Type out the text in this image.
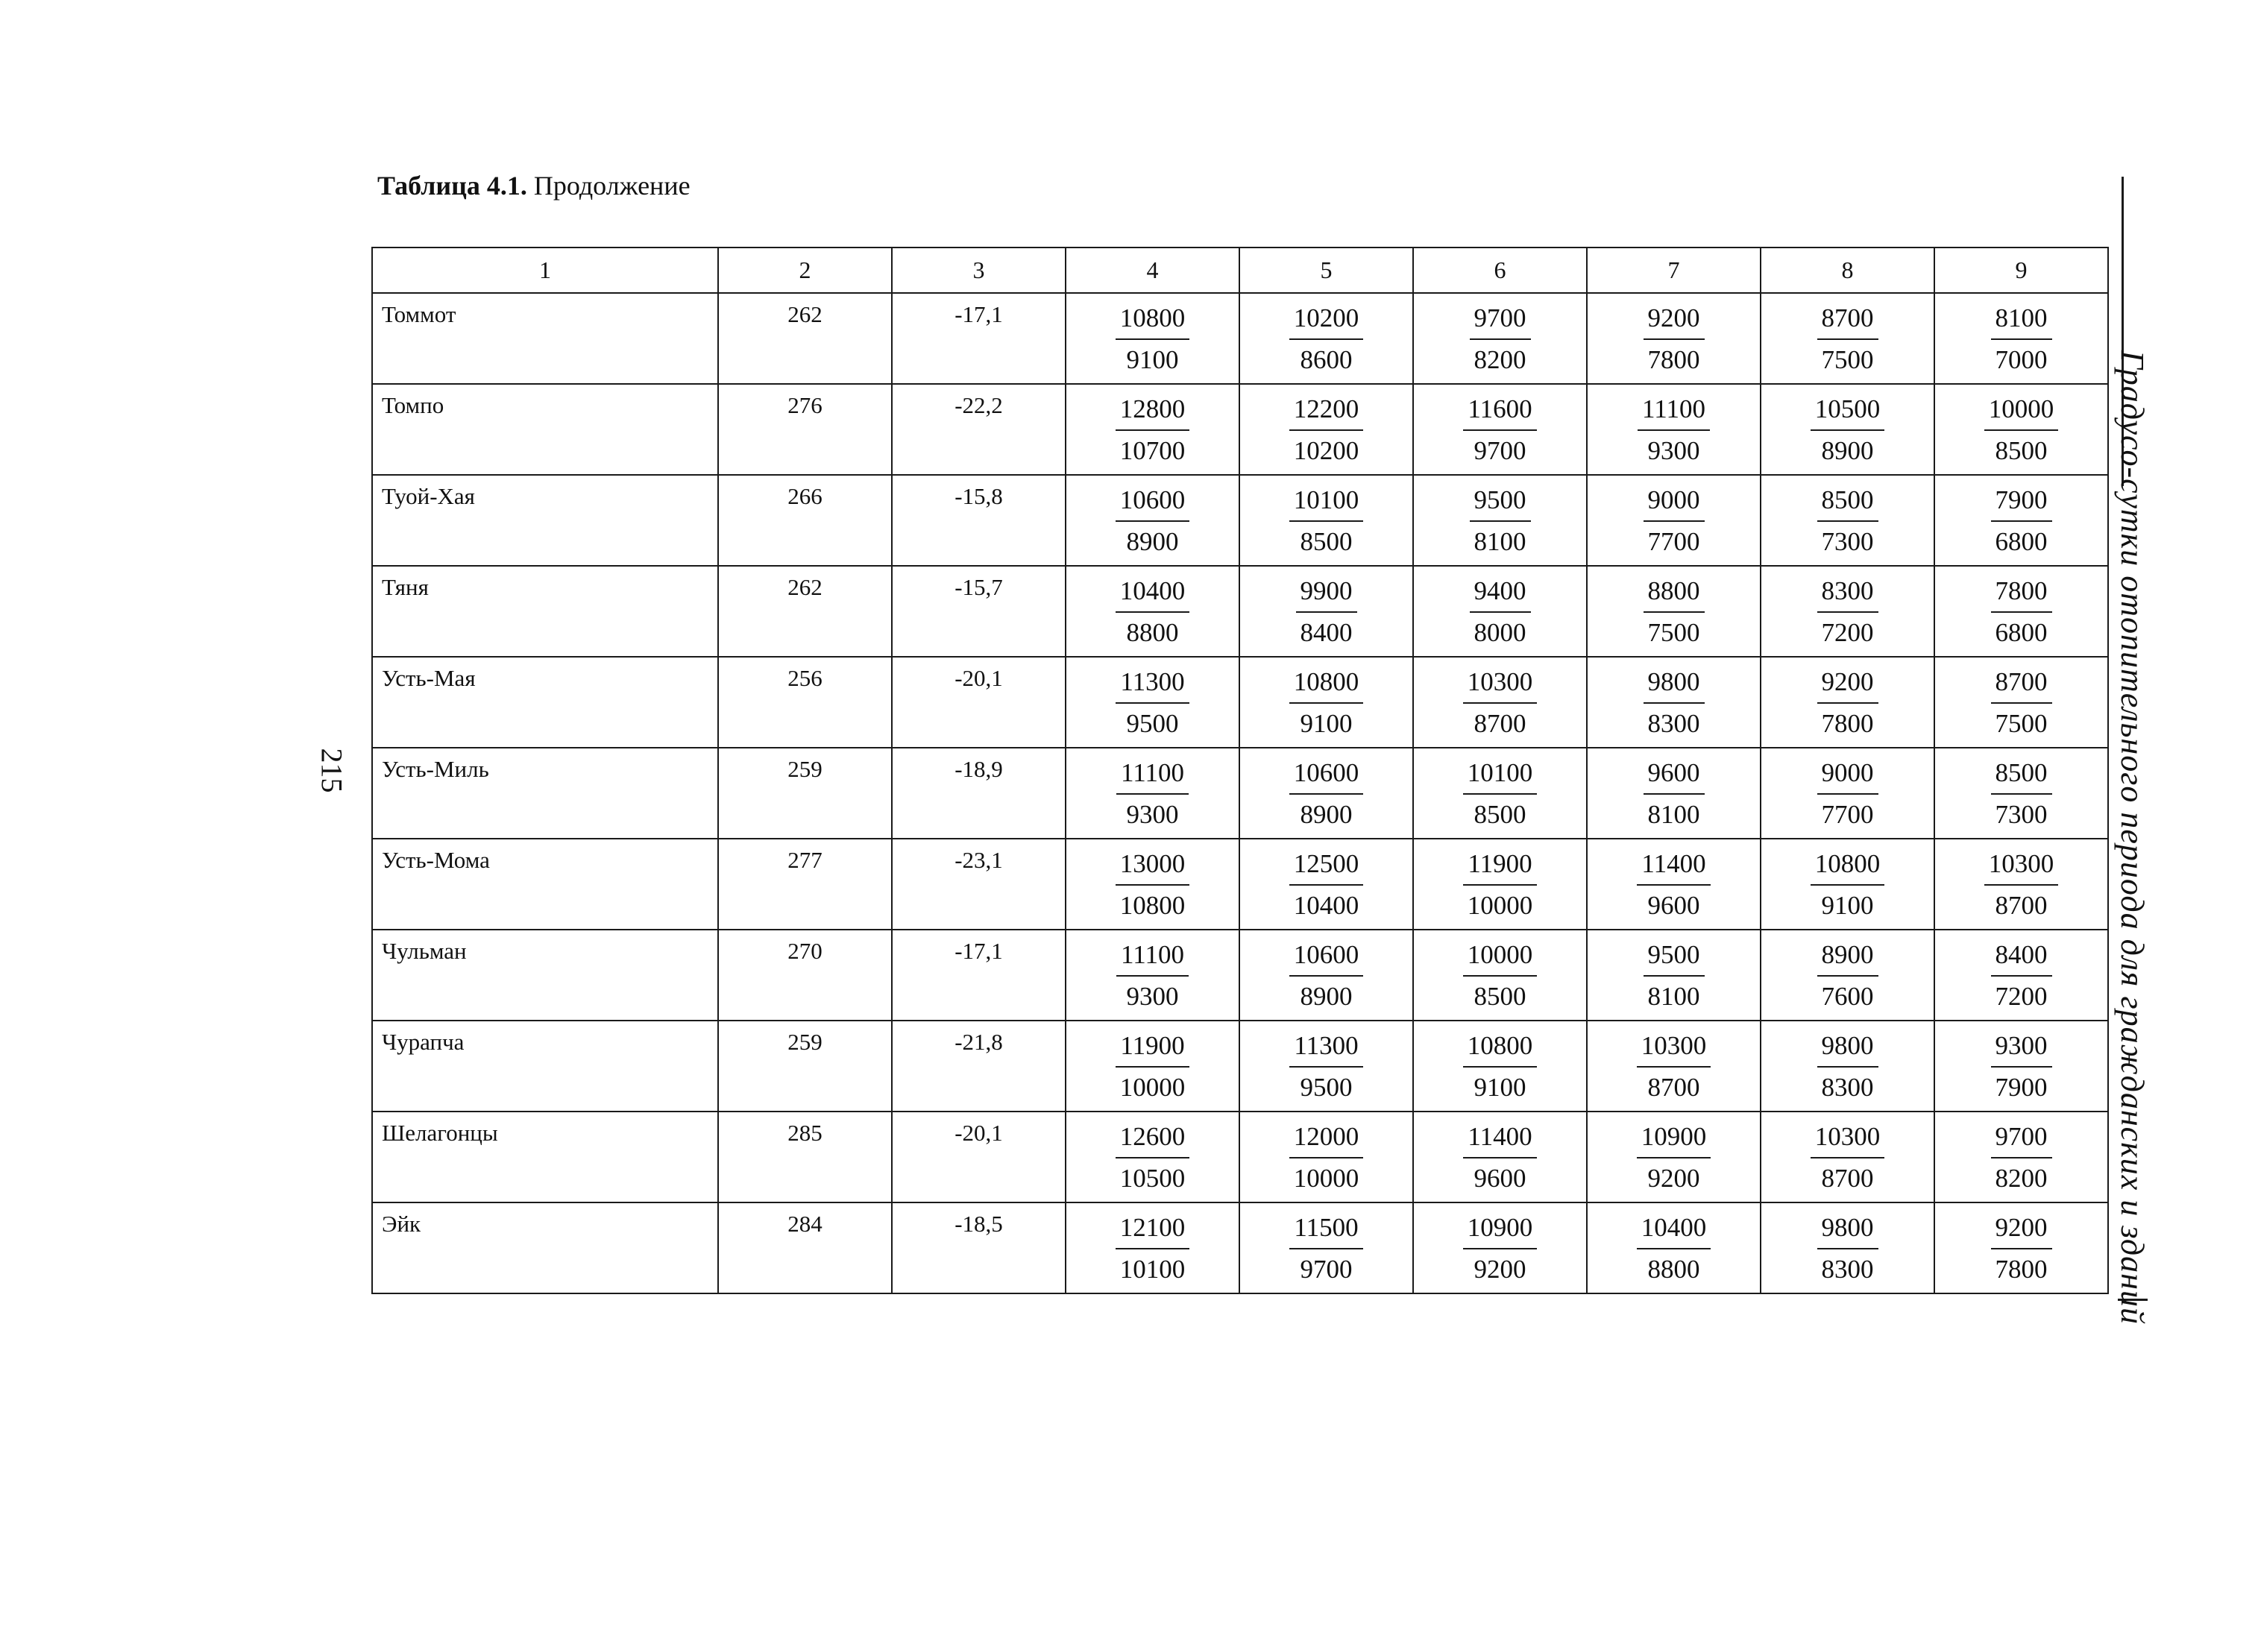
Таблица 4.1. Продолжение
1	2	3	4	5	6	7	8	9
Томмот	262	-17,1	$\frac{10800}{9100}$	$\frac{10200}{8600}$	$\frac{9700}{8200}$	$\frac{9200}{7800}$	$\frac{8700}{7500}$	$\frac{8100}{7000}$

Томпо	276	-22,2	$\frac{12800}{10700}$	$\frac{12200}{10200}$	$\frac{11600}{9700}$	$\frac{11100}{9300}$	$\frac{10500}{8900}$	$\frac{10000}{8500}$

Туой-Хая	266	-15,8	$\frac{10600}{8900}$	$\frac{10100}{8500}$	$\frac{9500}{8100}$	$\frac{9000}{7700}$	$\frac{8500}{7300}$	$\frac{7900}{6800}$

Тяня	262	-15,7	$\frac{10400}{8800}$	$\frac{9900}{8400}$	$\frac{9400}{8000}$	$\frac{8800}{7500}$	$\frac{8300}{7200}$	$\frac{7800}{6800}$

Усть-Мая	256	-20,1	$\frac{11300}{9500}$	$\frac{10800}{9100}$	$\frac{10300}{8700}$	$\frac{9800}{8300}$	$\frac{9200}{7800}$	$\frac{8700}{7500}$

Усть-Миль	259	-18,9	$\frac{11100}{9300}$	$\frac{10600}{8900}$	$\frac{10100}{8500}$	$\frac{9600}{8100}$	$\frac{9000}{7700}$	$\frac{8500}{7300}$

Усть-Мома	277	-23,1	$\frac{13000}{10800}$	$\frac{12500}{10400}$	$\frac{11900}{10000}$	$\frac{11400}{9600}$	$\frac{10800}{9100}$	$\frac{10300}{8700}$

Чульман	270	-17,1	$\frac{11100}{9300}$	$\frac{10600}{8900}$	$\frac{10000}{8500}$	$\frac{9500}{8100}$	$\frac{8900}{7600}$	$\frac{8400}{7200}$

Чурапча	259	-21,8	$\frac{11900}{10000}$	$\frac{11300}{9500}$	$\frac{10800}{9100}$	$\frac{10300}{8700}$	$\frac{9800}{8300}$	$\frac{9300}{7900}$

Шелагонцы	285	-20,1	$\frac{12600}{10500}$	$\frac{12000}{10000}$	$\frac{11400}{9600}$	$\frac{10900}{9200}$	$\frac{10300}{8700}$	$\frac{9700}{8200}$

Эйк	284	-18,5	$\frac{12100}{10100}$	$\frac{11500}{9700}$	$\frac{10900}{9200}$	$\frac{10400}{8800}$	$\frac{9800}{8300}$	$\frac{9200}{7800}$
215	Градусо-сутки отопительного периода для гражданских и зданий
